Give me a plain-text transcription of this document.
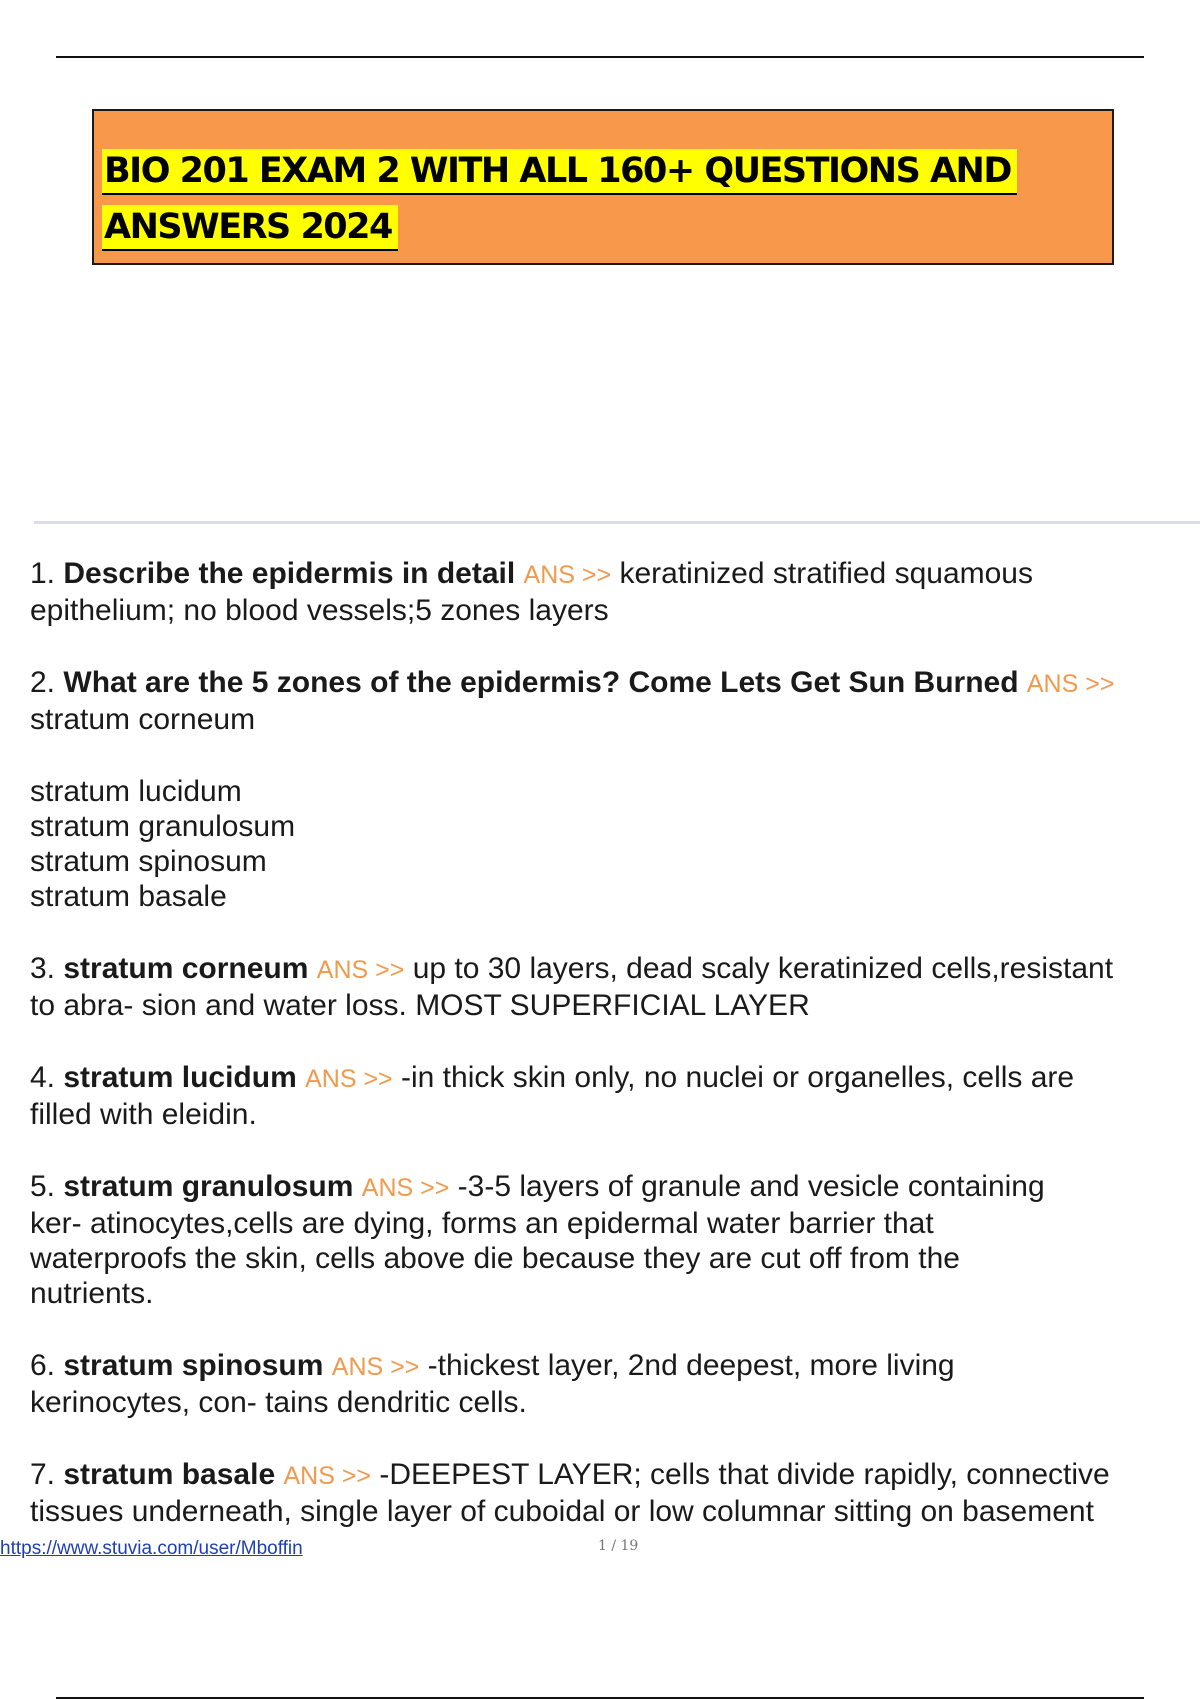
BIO 201 EXAM 2 WITH ALL 160+ QUESTIONS AND
ANSWERS 2024
1. Describe the epidermis in detail ANS >> keratinized stratified squamous
epithelium; no blood vessels;5 zones layers
2. What are the 5 zones of the epidermis? Come Lets Get Sun Burned ANS >>
stratum corneum
stratum lucidum
stratum granulosum
stratum spinosum
stratum basale
3. stratum corneum ANS >> up to 30 layers, dead scaly keratinized cells,resistant
to abra- sion and water loss. MOST SUPERFICIAL LAYER
4. stratum lucidum ANS >> -in thick skin only, no nuclei or organelles, cells are
filled with eleidin.
5. stratum granulosum ANS >> -3-5 layers of granule and vesicle containing
ker- atinocytes,cells are dying, forms an epidermal water barrier that
waterproofs the skin, cells above die because they are cut off from the
nutrients.
6. stratum spinosum ANS >> -thickest layer, 2nd deepest, more living
kerinocytes, con- tains dendritic cells.
7. stratum basale ANS >> -DEEPEST LAYER; cells that divide rapidly, connective
tissues underneath, single layer of cuboidal or low columnar sitting on basement
https://www.stuvia.com/user/Mboffin	1 / 19
